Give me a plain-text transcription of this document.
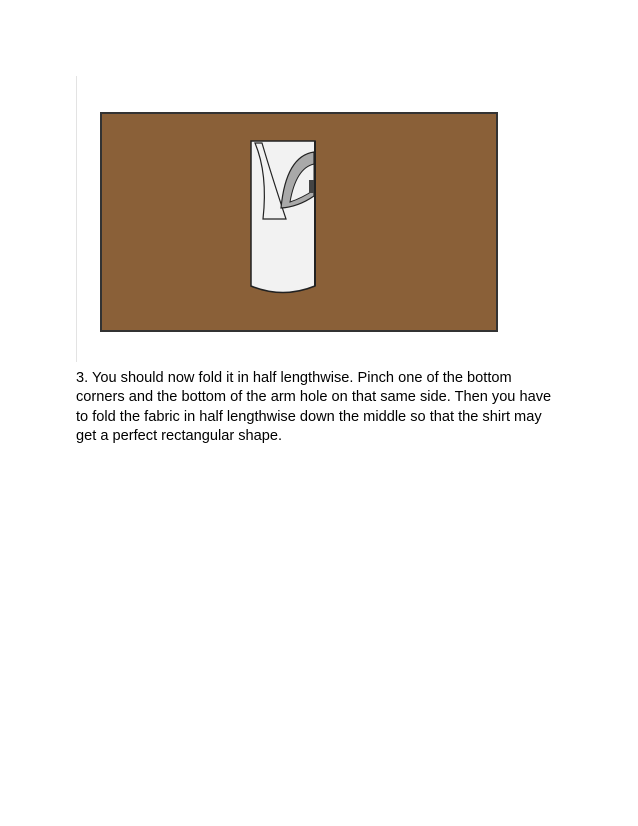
3. You should now fold it in half lengthwise. Pinch one of the bottom corners and the bottom of the arm hole on that same side. Then you have to fold the fabric in half lengthwise down the middle so that the shirt may get a perfect rectangular shape.
